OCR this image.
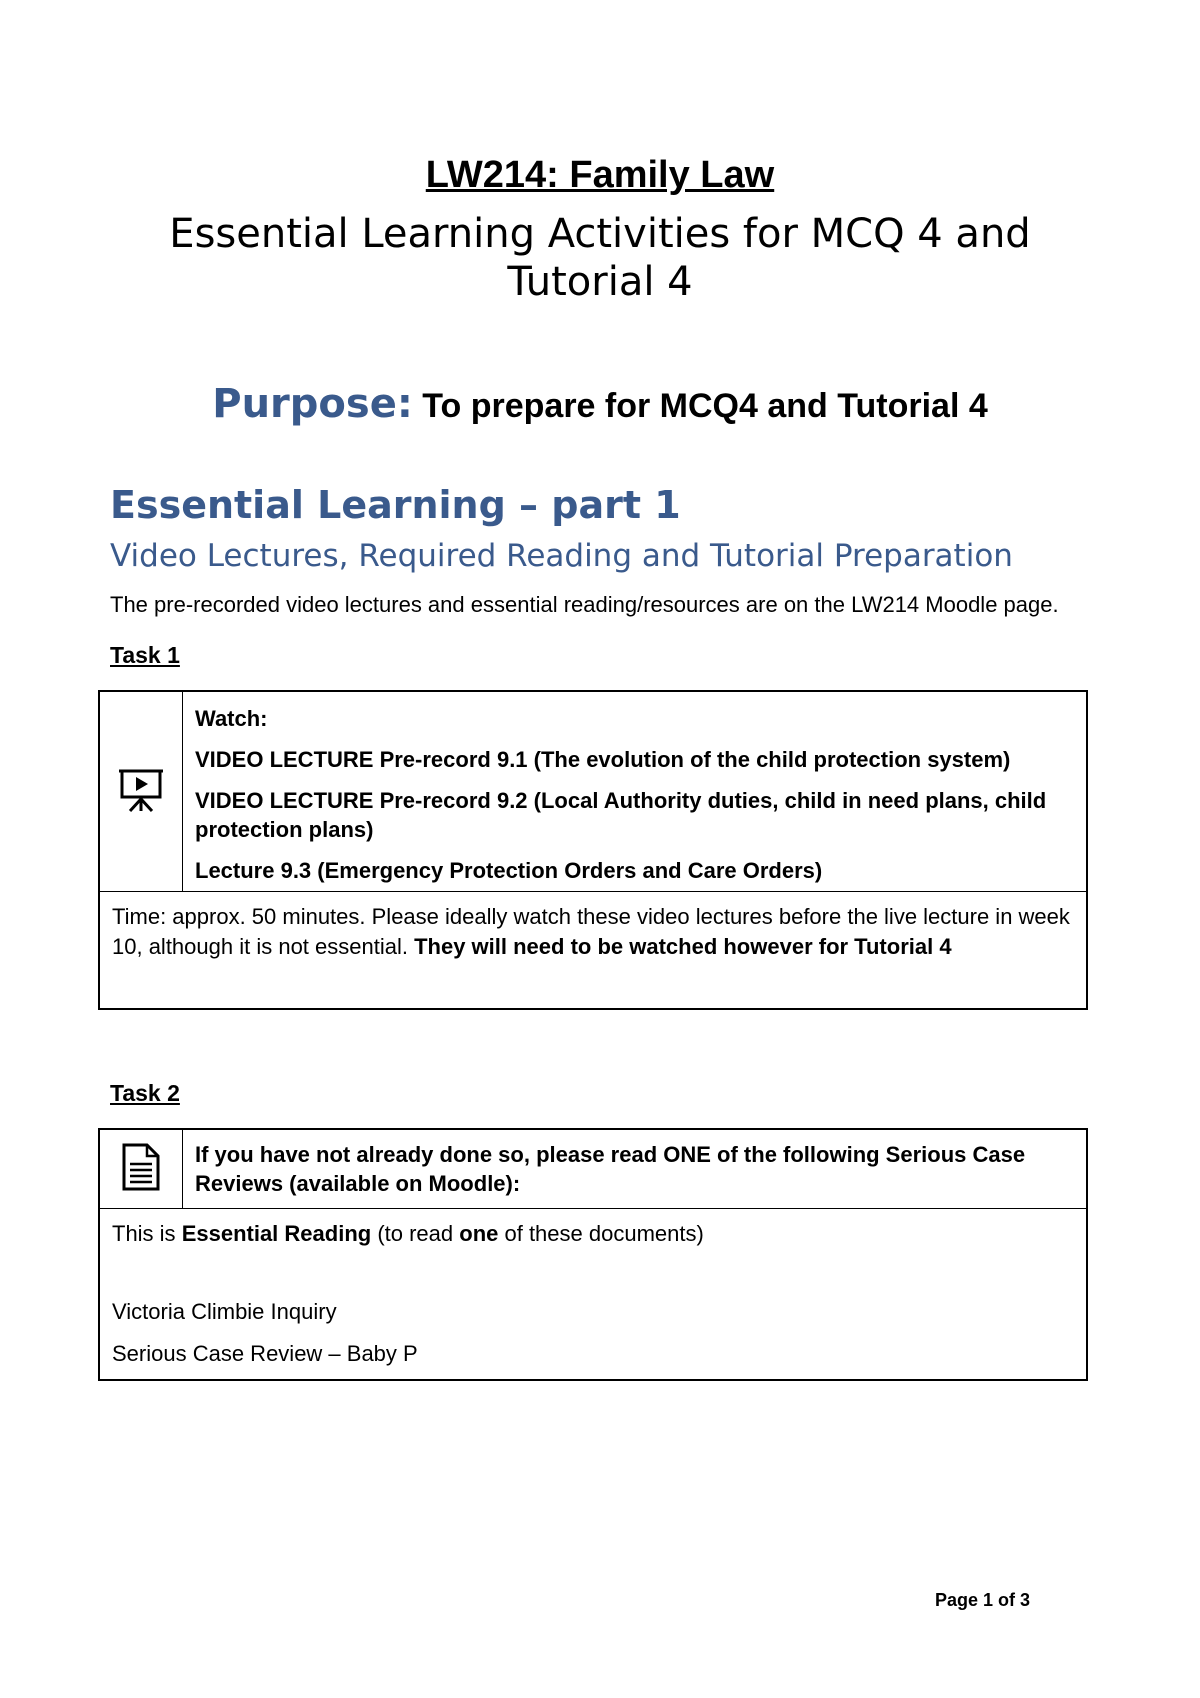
LW214: Family Law
Essential Learning Activities for MCQ 4 and Tutorial 4
Purpose: To prepare for MCQ4 and Tutorial 4
Essential Learning – part 1
Video Lectures, Required Reading and Tutorial Preparation
The pre-recorded video lectures and essential reading/resources are on the LW214 Moodle page.
Task 1

Watch:

VIDEO LECTURE Pre-record 9.1 (The evolution of the child protection system)

VIDEO LECTURE Pre-record 9.2 (Local Authority duties, child in need plans, child protection plans)

Lecture 9.3 (Emergency Protection Orders and Care Orders)

Time: approx. 50 minutes. Please ideally watch these video lectures before the live lecture in week 10, although it is not essential. They will need to be watched however for Tutorial 4
Task 2
	If you have not already done so, please read ONE of the following Serious Case Reviews (available on Moodle):

This is Essential Reading (to read one of these documents)
Victoria Climbie Inquiry
Serious Case Review – Baby P
Page 1 of 3
